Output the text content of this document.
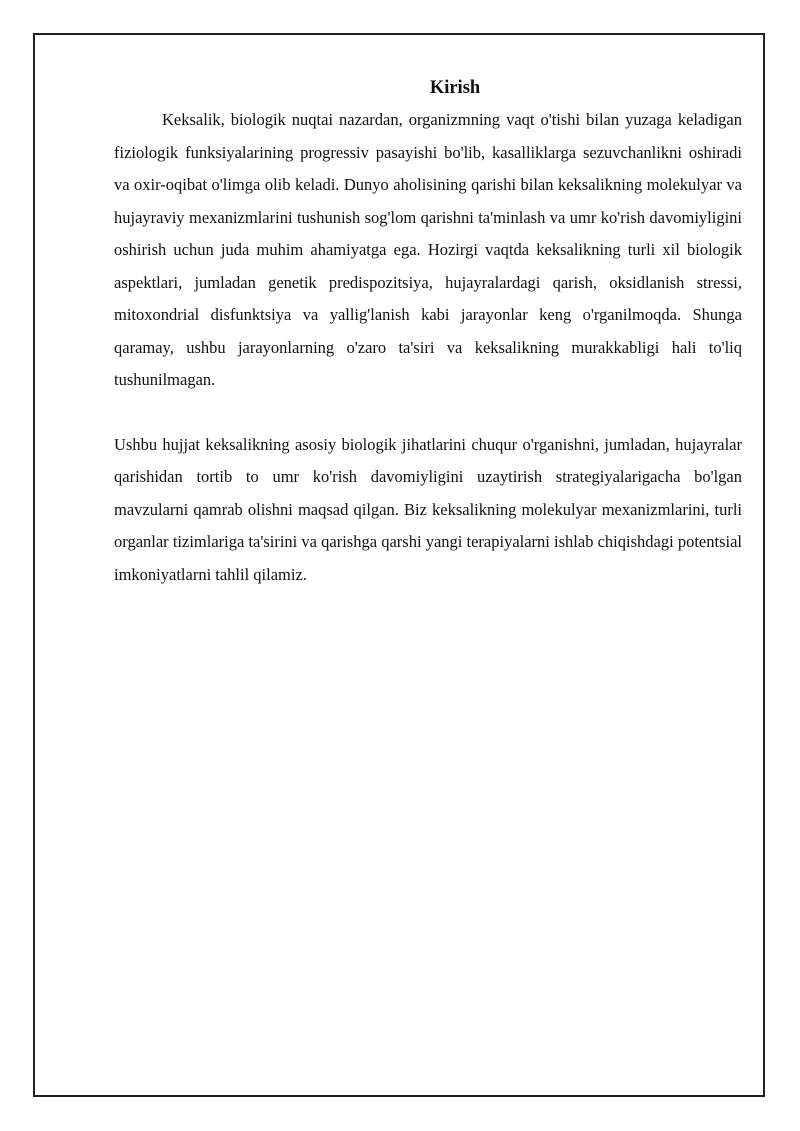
Kirish

Keksalik, biologik nuqtai nazardan, organizmning vaqt o'tishi bilan yuzaga keladigan fiziologik funksiyalarining progressiv pasayishi bo'lib, kasalliklarga sezuvchanlikni oshiradi va oxir-oqibat o'limga olib keladi. Dunyo aholisining qarishi bilan keksalikning molekulyar va hujayraviy mexanizmlarini tushunish sog'lom qarishni ta'minlash va umr ko'rish davomiyligini oshirish uchun juda muhim ahamiyatga ega. Hozirgi vaqtda keksalikning turli xil biologik aspektlari, jumladan genetik predispozitsiya, hujayralardagi qarish, oksidlanish stressi, mitoxondrial disfunktsiya va yallig'lanish kabi jarayonlar keng o'rganilmoqda. Shunga qaramay, ushbu jarayonlarning o'zaro ta'siri va keksalikning murakkabligi hali to'liq tushunilmagan.

Ushbu hujjat keksalikning asosiy biologik jihatlarini chuqur o'rganishni, jumladan, hujayralar qarishidan tortib to umr ko'rish davomiyligini uzaytirish strategiyalarigacha bo'lgan mavzularni qamrab olishni maqsad qilgan. Biz keksalikning molekulyar mexanizmlarini, turli organlar tizimlariga ta'sirini va qarishga qarshi yangi terapiyalarni ishlab chiqishdagi potentsial imkoniyatlarni tahlil qilamiz.
